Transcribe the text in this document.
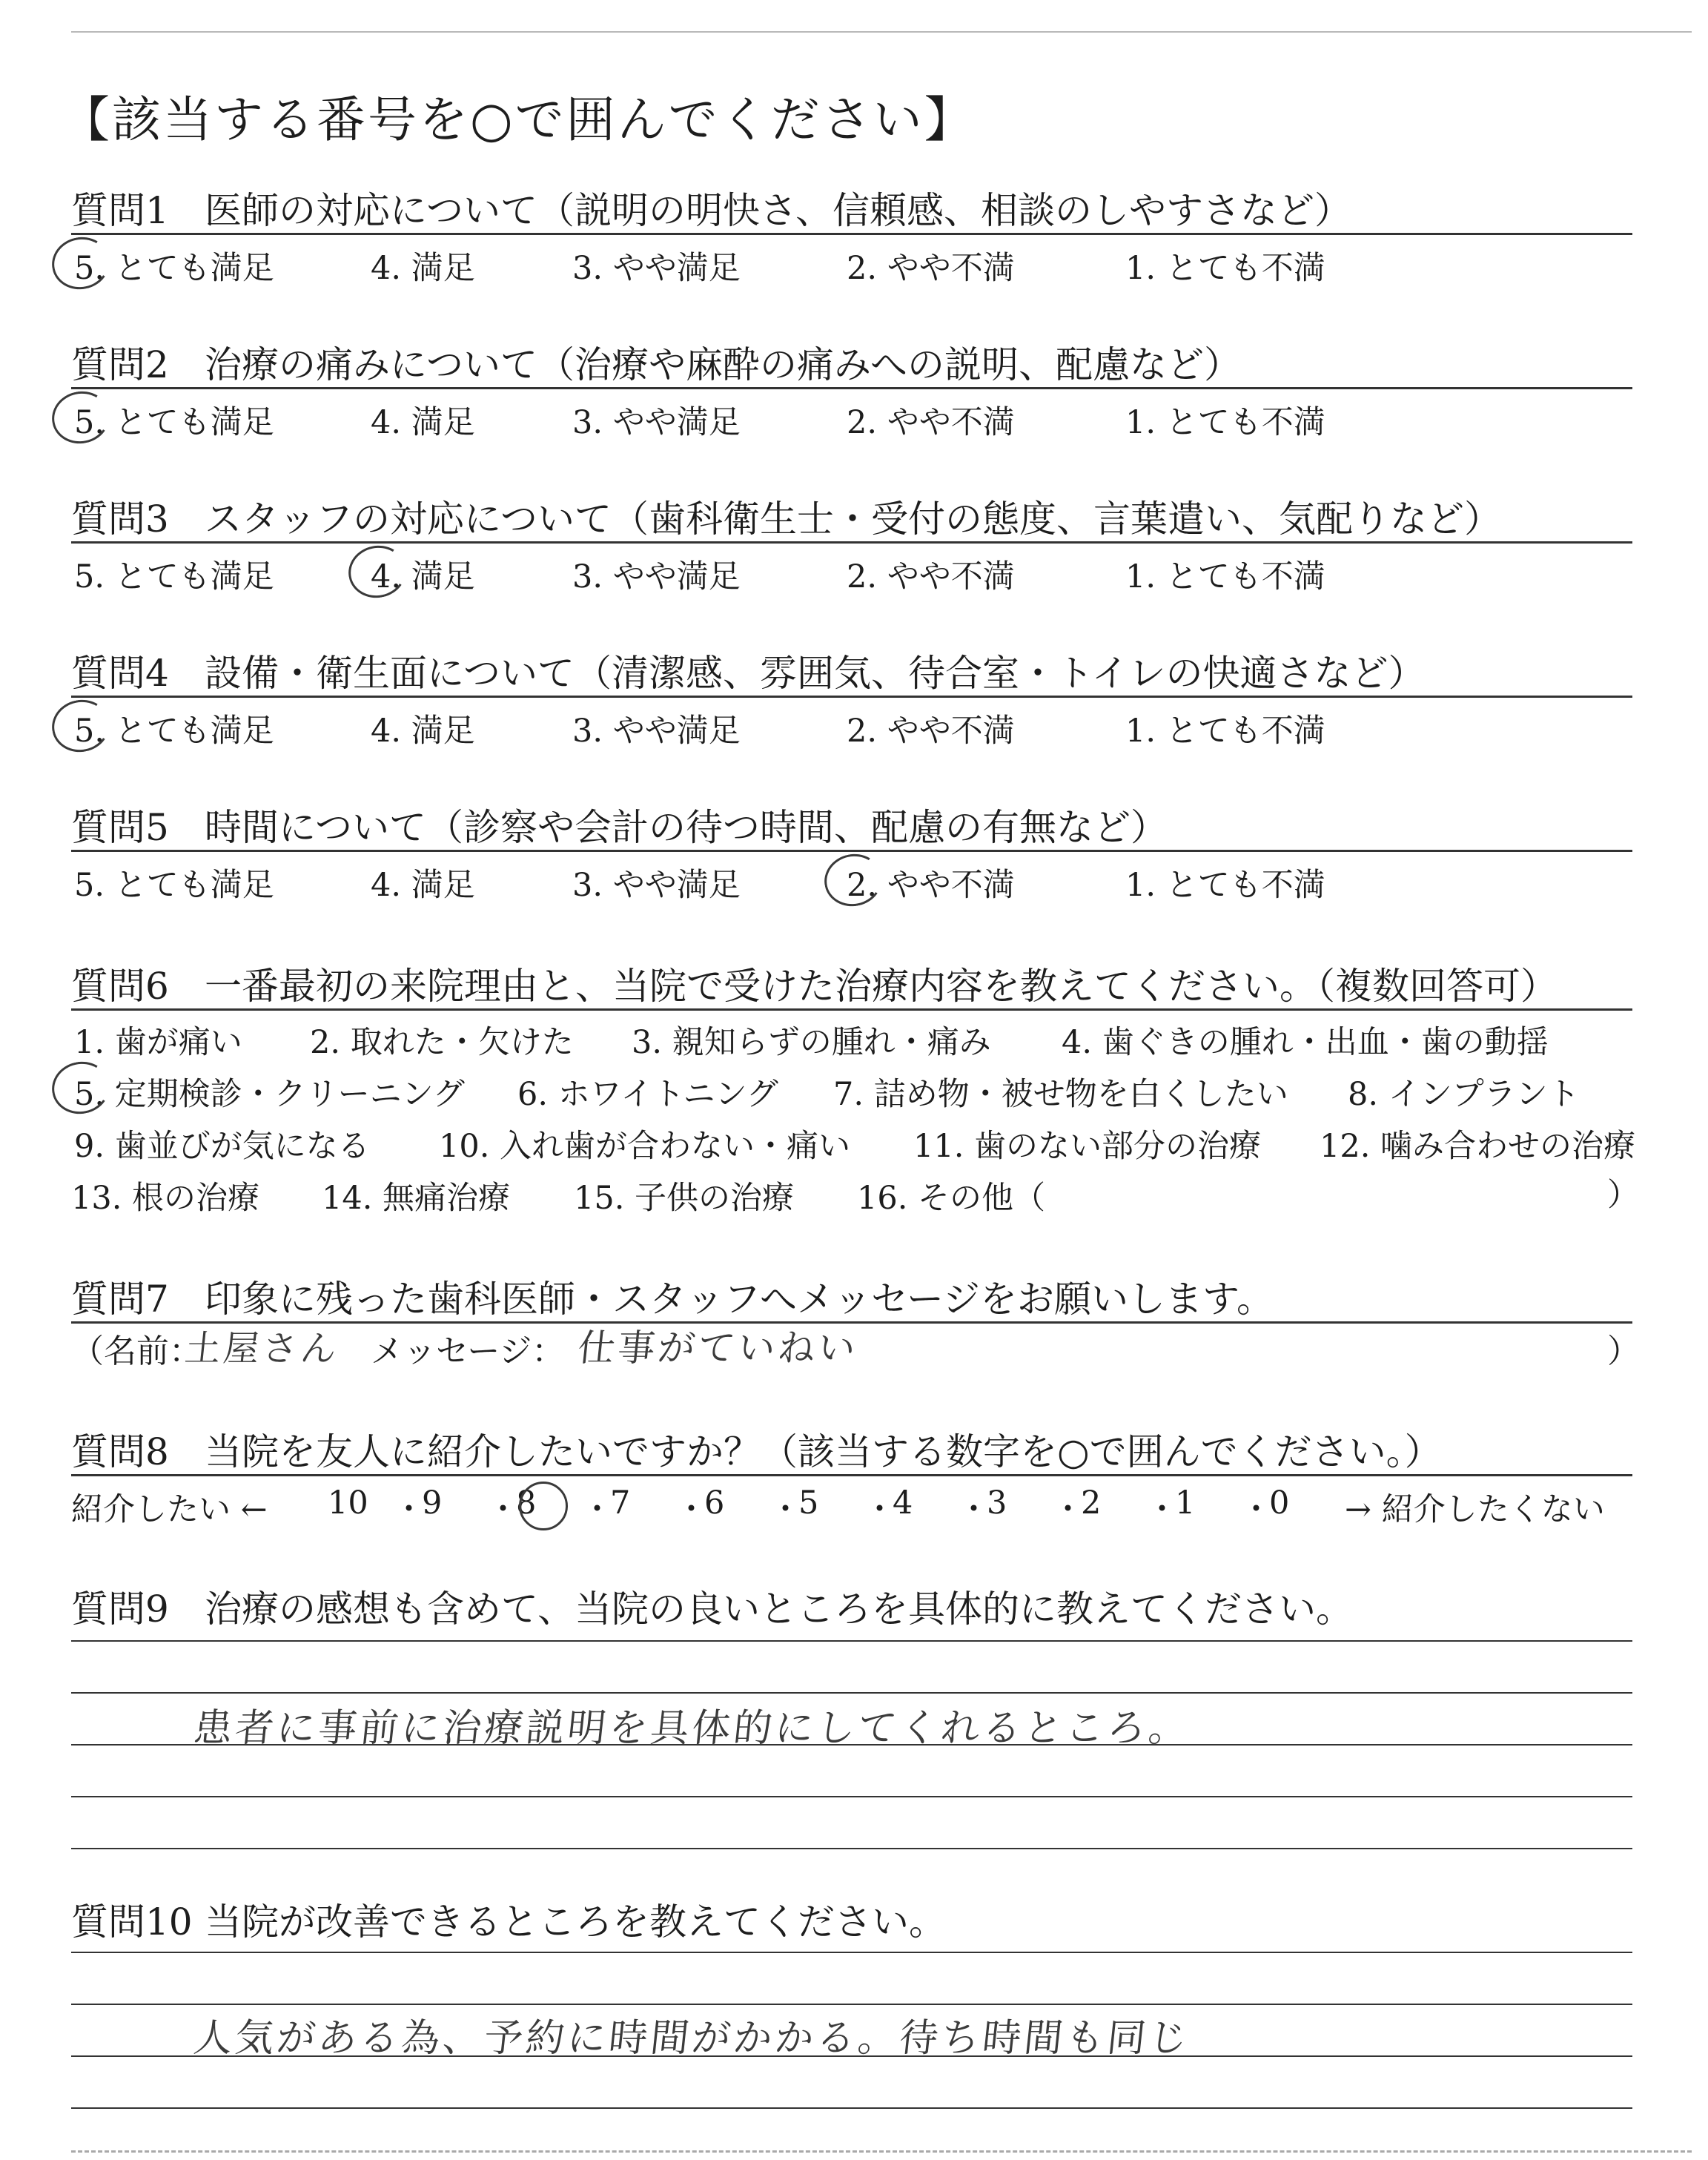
【該当する番号を○で囲んでください】
質問1 医師の対応について（説明の明快さ、信頼感、相談のしやすさなど）
5. とても満足	4. 満足	3. やや満足	2. やや不満	1. とても不満
質問2 治療の痛みについて（治療や麻酔の痛みへの説明、配慮など）
5. とても満足	4. 満足	3. やや満足	2. やや不満	1. とても不満
質問3 スタッフの対応について（歯科衛生士・受付の態度、言葉遣い、気配りなど）
5. とても満足	4. 満足	3. やや満足	2. やや不満	1. とても不満
質問4 設備・衛生面について（清潔感、雰囲気、待合室・トイレの快適さなど）
5. とても満足	4. 満足	3. やや満足	2. やや不満	1. とても不満
質問5 時間について（診察や会計の待つ時間、配慮の有無など）
5. とても満足	4. 満足	3. やや満足	2. やや不満	1. とても不満
質問6 一番最初の来院理由と、当院で受けた治療内容を教えてください。（複数回答可）
1. 歯が痛い 2. 取れた・欠けた 3. 親知らずの腫れ・痛み 4. 歯ぐきの腫れ・出血・歯の動揺
5. 定期検診・クリーニング 6. ホワイトニング 7. 詰め物・被せ物を白くしたい 8. インプラント
9. 歯並びが気になる 10. 入れ歯が合わない・痛い 11. 歯のない部分の治療 12. 噛み合わせの治療
13. 根の治療 14. 無痛治療 15. 子供の治療 16. その他（	）
質問7 印象に残った歯科医師・スタッフへメッセージをお願いします。
（名前：
土屋さん メッセージ： 仕事がていねい	）
質問8 当院を友人に紹介したいですか？（該当する数字を○で囲んでください。）
紹介したい ← 10 ・
9 ・
8 ・
7 ・
6 ・
5 ・
4 ・
3 ・
2 ・
1 ・
0 → 紹介したくない
質問9 治療の感想も含めて、当院の良いところを具体的に教えてください。
患者に事前に治療説明を具体的にしてくれるところ。
質問10 当院が改善できるところを教えてください。
人気がある為、予約に時間がかかる。待ち時間も同じ
